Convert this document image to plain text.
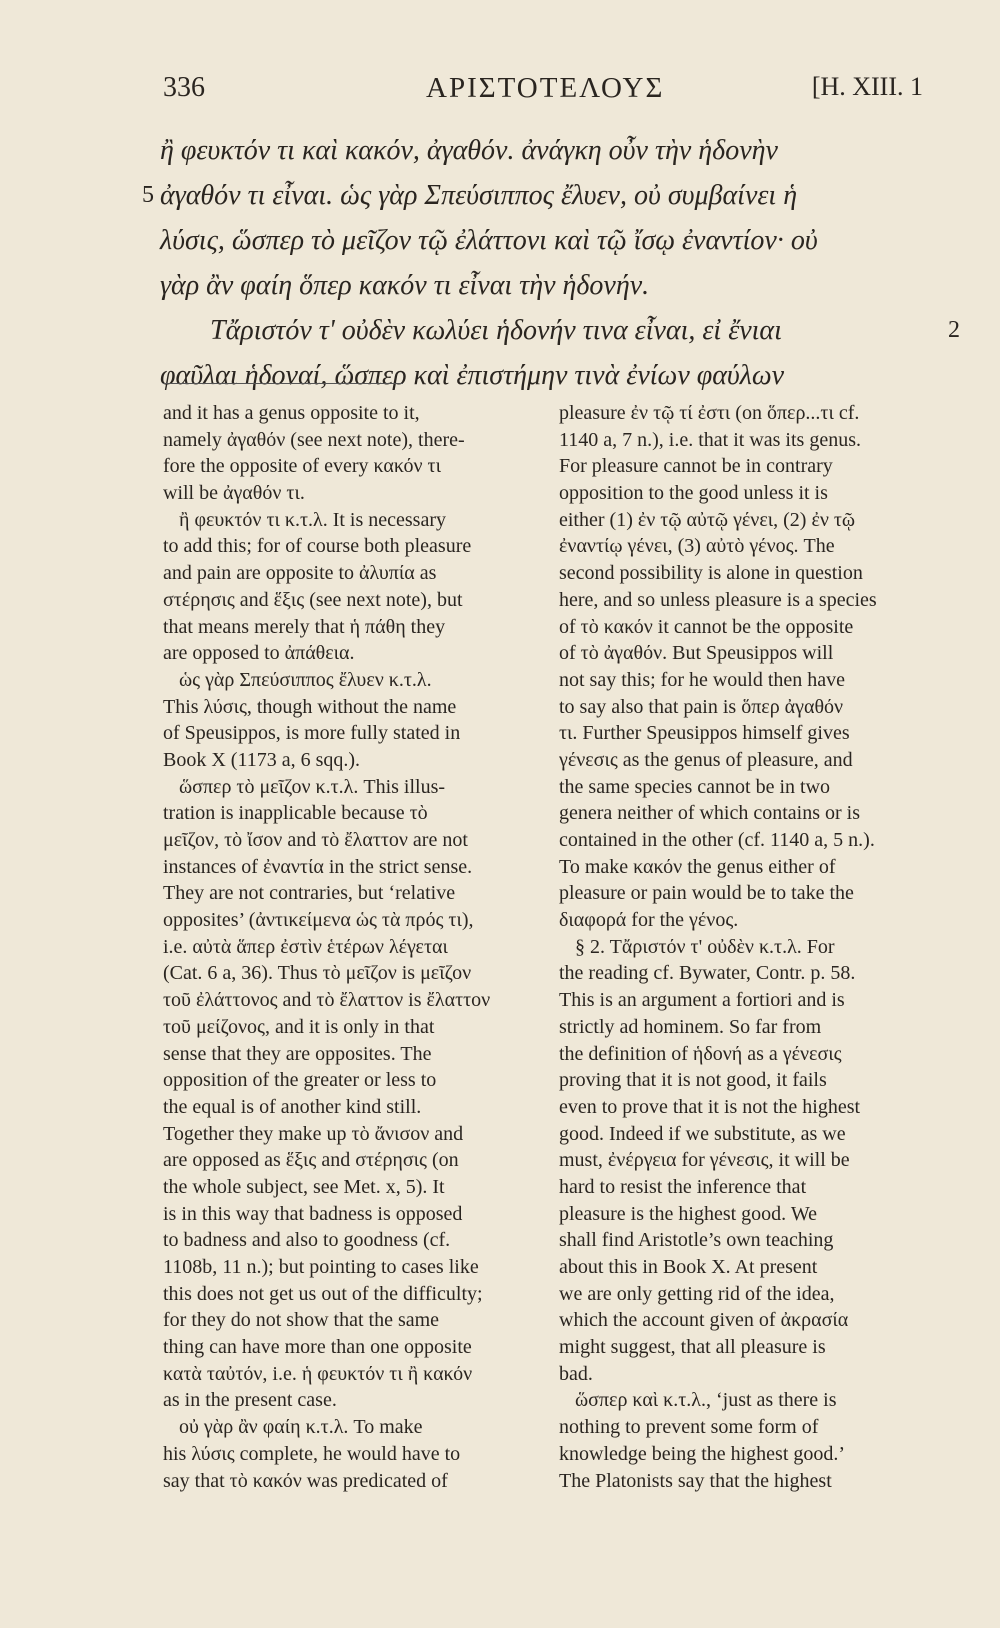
336	ΑΡΙΣΤΟΤΕΛΟΥΣ	[H. XIII. 1
ἢ φευκτόν τι καὶ κακόν, ἀγαθόν. ἀνάγκη οὖν τὴν ἡδονὴν
5 ἀγαθόν τι εἶναι. ὡς γὰρ Σπεύσιππος ἔλυεν, οὐ συμβαίνει ἡ
λύσις, ὥσπερ τὸ μεῖζον τῷ ἐλάττονι καὶ τῷ ἴσῳ ἐναντίον· οὐ
γὰρ ἂν φαίη ὅπερ κακόν τι εἶναι τὴν ἡδονήν.
Τἄριστόν τ' οὐδὲν κωλύει ἡδονήν τινα εἶναι, εἰ ἔνιαι	2
φαῦλαι ἡδοναί, ὥσπερ καὶ ἐπιστήμην τινὰ ἐνίων φαύλων
and it has a genus opposite to it,
namely ἀγαθόν (see next note), there-
fore the opposite of every κακόν τι
will be ἀγαθόν τι.
ἢ φευκτόν τι κ.τ.λ. It is necessary
to add this; for of course both pleasure
and pain are opposite to ἀλυπία as
στέρησις and ἕξις (see next note), but
that means merely that ἡ πάθη they
are opposed to ἀπάθεια.
ὡς γὰρ Σπεύσιππος ἔλυεν κ.τ.λ.
This λύσις, though without the name
of Speusippos, is more fully stated in
Book X (1173 a, 6 sqq.).
ὥσπερ τὸ μεῖζον κ.τ.λ. This illus-
tration is inapplicable because τὸ
μεῖζον, τὸ ἴσον and τὸ ἔλαττον are not
instances of ἐναντία in the strict sense.
They are not contraries, but ‘relative
opposites’ (ἀντικείμενα ὡς τὰ πρός τι),
i.e. αὐτὰ ἅπερ ἐστὶν ἑτέρων λέγεται
(Cat. 6 a, 36). Thus τὸ μεῖζον is μεῖζον
τοῦ ἐλάττονος and τὸ ἔλαττον is ἔλαττον
τοῦ μείζονος, and it is only in that
sense that they are opposites. The
opposition of the greater or less to
the equal is of another kind still.
Together they make up τὸ ἄνισον and
are opposed as ἕξις and στέρησις (on
the whole subject, see Met. x, 5). It
is in this way that badness is opposed
to badness and also to goodness (cf.
1108b, 11 n.); but pointing to cases like
this does not get us out of the difficulty;
for they do not show that the same
thing can have more than one opposite
κατὰ ταὐτόν, i.e. ἡ φευκτόν τι ἢ κακόν
as in the present case.
οὐ γὰρ ἂν φαίη κ.τ.λ. To make
his λύσις complete, he would have to
say that τὸ κακόν was predicated of
pleasure ἐν τῷ τί ἐστι (on ὅπερ...τι cf.
1140 a, 7 n.), i.e. that it was its genus.
For pleasure cannot be in contrary
opposition to the good unless it is
either (1) ἐν τῷ αὐτῷ γένει, (2) ἐν τῷ
ἐναντίῳ γένει, (3) αὐτὸ γένος. The
second possibility is alone in question
here, and so unless pleasure is a species
of τὸ κακόν it cannot be the opposite
of τὸ ἀγαθόν. But Speusippos will
not say this; for he would then have
to say also that pain is ὅπερ ἀγαθόν
τι. Further Speusippos himself gives
γένεσις as the genus of pleasure, and
the same species cannot be in two
genera neither of which contains or is
contained in the other (cf. 1140 a, 5 n.).
To make κακόν the genus either of
pleasure or pain would be to take the
διαφορά for the γένος.
§ 2. Τἄριστόν τ' οὐδὲν κ.τ.λ. For
the reading cf. Bywater, Contr. p. 58.
This is an argument a fortiori and is
strictly ad hominem. So far from
the definition of ἡδονή as a γένεσις
proving that it is not good, it fails
even to prove that it is not the highest
good. Indeed if we substitute, as we
must, ἐνέργεια for γένεσις, it will be
hard to resist the inference that
pleasure is the highest good. We
shall find Aristotle’s own teaching
about this in Book X. At present
we are only getting rid of the idea,
which the account given of ἀκρασία
might suggest, that all pleasure is
bad.
ὥσπερ καὶ κ.τ.λ., ‘just as there is
nothing to prevent some form of
knowledge being the highest good.’
The Platonists say that the highest
